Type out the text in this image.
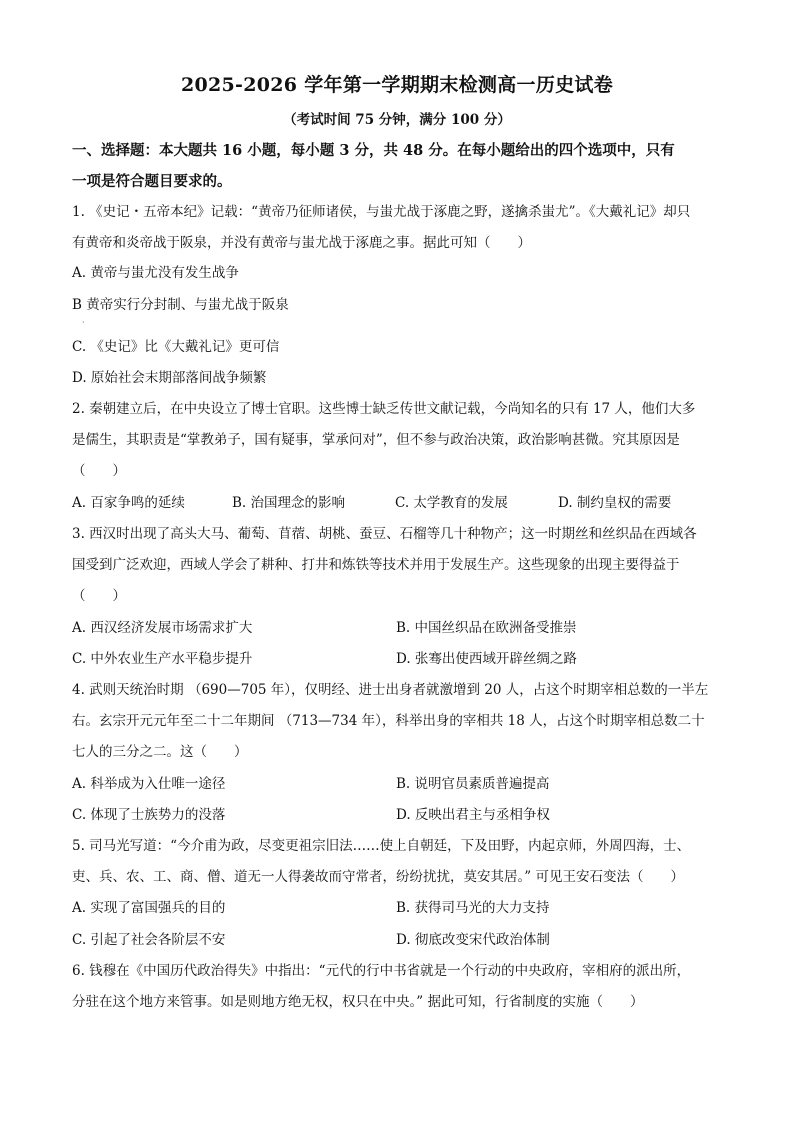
2025-2026 学年第一学期期末检测高一历史试卷
（考试时间 75 分钟，满分 100 分）
一、选择题：本大题共 16 小题，每小题 3 分，共 48 分。在每小题给出的四个选项中，只有
一项是符合题目要求的。
1. 《史记・五帝本纪》记载：“黄帝乃征师诸侯，与蚩尤战于涿鹿之野，遂擒杀蚩尤”。《大戴礼记》却只
有黄帝和炎帝战于阪泉，并没有黄帝与蚩尤战于涿鹿之事。据此可知（　　）
A. 黄帝与蚩尤没有发生战争
B 黄帝实行分封制、与蚩尤战于阪泉
·
C. 《史记》比《大戴礼记》更可信
D. 原始社会末期部落间战争频繁
2. 秦朝建立后，在中央设立了博士官职。这些博士缺乏传世文献记载，今尚知名的只有 17 人，他们大多
是儒生，其职责是“掌教弟子，国有疑事，掌承问对”，但不参与政治决策，政治影响甚微。究其原因是
（　　）
A. 百家争鸣的延续	B. 治国理念的影响	C. 太学教育的发展	D. 制约皇权的需要
3. 西汉时出现了高头大马、葡萄、苜蓿、胡桃、蚕豆、石榴等几十种物产；这一时期丝和丝织品在西域各
国受到广泛欢迎，西域人学会了耕种、打井和炼铁等技术并用于发展生产。这些现象的出现主要得益于
（　　）
A. 西汉经济发展市场需求扩大	B. 中国丝织品在欧洲备受推崇
C. 中外农业生产水平稳步提升	D. 张骞出使西域开辟丝绸之路
4. 武则天统治时期 （690—705 年），仅明经、进士出身者就激增到 20 人，占这个时期宰相总数的一半左
右。玄宗开元元年至二十二年期间 （713—734 年），科举出身的宰相共 18 人，占这个时期宰相总数二十
七人的三分之二。这（　　）
A. 科举成为入仕唯一途径	B. 说明官员素质普遍提高
C. 体现了士族势力的没落	D. 反映出君主与丞相争权
5. 司马光写道：“今介甫为政，尽变更祖宗旧法……使上自朝廷，下及田野，内起京师，外周四海，士、
吏、兵、农、工、商、僧、道无一人得袭故而守常者，纷纷扰扰，莫安其居。” 可见王安石变法（　　）
A. 实现了富国强兵的目的	B. 获得司马光的大力支持
C. 引起了社会各阶层不安	D. 彻底改变宋代政治体制
6. 钱穆在《中国历代政治得失》中指出：“元代的行中书省就是一个行动的中央政府，宰相府的派出所，
分驻在这个地方来管事。如是则地方绝无权，权只在中央。” 据此可知，行省制度的实施（　　）
